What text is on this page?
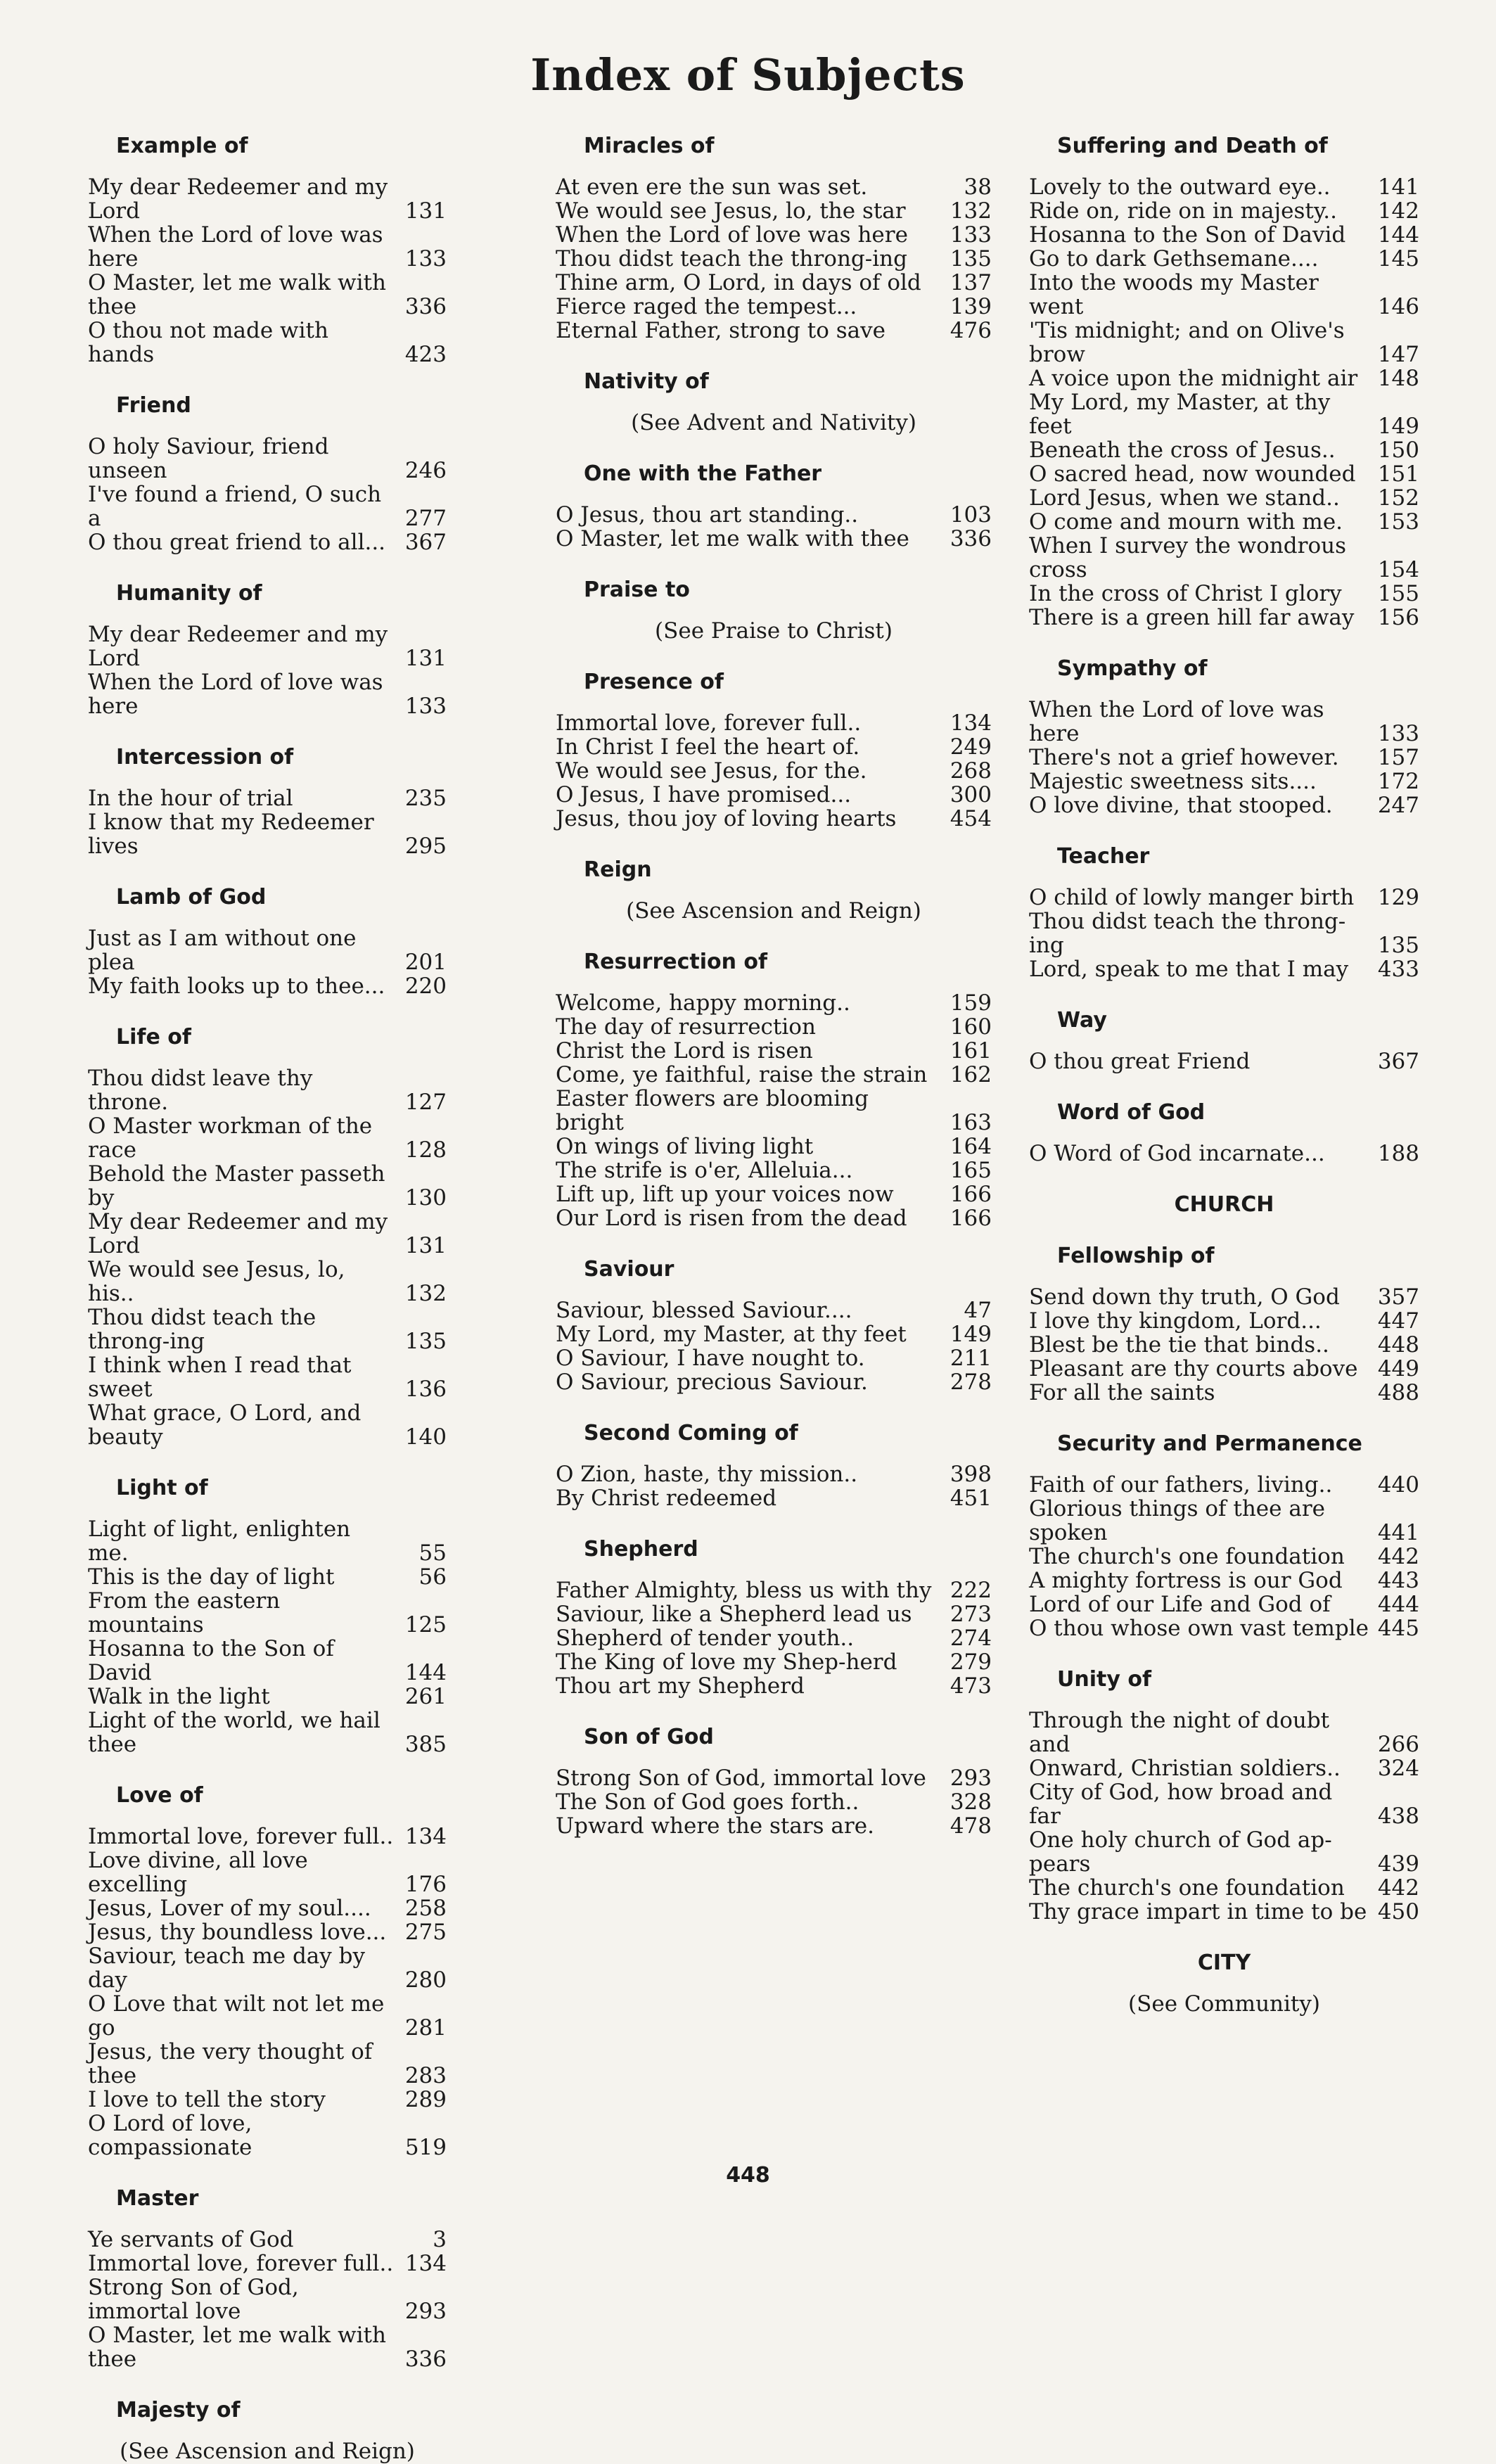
Index of Subjects
Example of
My dear Redeemer and my Lord	131
When the Lord of love was here	133
O Master, let me walk with thee	336
O thou not made with hands	423
Friend
O holy Saviour, friend unseen	246
I've found a friend, O such a	277
O thou great friend to all... 367
Humanity of
My dear Redeemer and my Lord	131
When the Lord of love was here	133
Intercession of
In the hour of trial	235
I know that my Redeemer lives	295
Lamb of God
Just as I am without one plea	201
My faith looks up to thee... 220
Life of
Thou didst leave thy throne.	127
O Master workman of the race	128
Behold the Master passeth by	130
My dear Redeemer and my Lord	131
We would see Jesus, lo, his..	132
Thou didst teach the throng-ing	135
I think when I read that sweet	136
What grace, O Lord, and beauty	140
Light of
Light of light, enlighten me.	55
This is the day of light	56
From the eastern mountains	125
Hosanna to the Son of David	144
Walk in the light	261
Light of the world, we hail thee	385
Love of
Immortal love, forever full.. 134
Love divine, all love excelling	176
Jesus, Lover of my soul....	258
Jesus, thy boundless love... 275
Saviour, teach me day by day	280
O Love that wilt not let me go	281
Jesus, the very thought of thee	283
I love to tell the story	289
O Lord of love, compassionate	519
Master
Ye servants of God	3
Immortal love, forever full.. 134
Strong Son of God, immortal love	293
O Master, let me walk with thee	336
Majesty of
(See Ascension and Reign)
Miracles of
At even ere the sun was set.	38
We would see Jesus, lo, the star	132
When the Lord of love was here	133
Thou didst teach the throng-ing	135
Thine arm, O Lord, in days of old	137
Fierce raged the tempest...	139
Eternal Father, strong to save	476
Nativity of
(See Advent and Nativity)
One with the Father
O Jesus, thou art standing..	103
O Master, let me walk with thee	336
Praise to
(See Praise to Christ)
Presence of
Immortal love, forever full..	134
In Christ I feel the heart of.	249
We would see Jesus, for the.	268
O Jesus, I have promised...	300
Jesus, thou joy of loving hearts	454
Reign
(See Ascension and Reign)
Resurrection of
Welcome, happy morning..	159
The day of resurrection	160
Christ the Lord is risen	161
Come, ye faithful, raise the strain	162
Easter flowers are blooming bright	163
On wings of living light	164
The strife is o'er, Alleluia...	165
Lift up, lift up your voices now	166
Our Lord is risen from the dead	166
Saviour
Saviour, blessed Saviour....	47
My Lord, my Master, at thy feet	149
O Saviour, I have nought to.	211
O Saviour, precious Saviour.	278
Second Coming of
O Zion, haste, thy mission..	398
By Christ redeemed	451
Shepherd
Father Almighty, bless us with thy 222
Saviour, like a Shepherd lead us	273
Shepherd of tender youth..	274
The King of love my Shep-herd	279
Thou art my Shepherd	473
Son of God
Strong Son of God, immortal love	293
The Son of God goes forth..	328
Upward where the stars are.	478
Suffering and Death of
Lovely to the outward eye..	141
Ride on, ride on in majesty..	142
Hosanna to the Son of David	144
Go to dark Gethsemane....	145
Into the woods my Master went	146
'Tis midnight; and on Olive's brow	147
A voice upon the midnight air 148
My Lord, my Master, at thy feet	149
Beneath the cross of Jesus..	150
O sacred head, now wounded	151
Lord Jesus, when we stand..	152
O come and mourn with me.	153
When I survey the wondrous cross	154
In the cross of Christ I glory	155
There is a green hill far away	156
Sympathy of
When the Lord of love was here	133
There's not a grief however.	157
Majestic sweetness sits....	172
O love divine, that stooped.	247
Teacher
O child of lowly manger birth	129
Thou didst teach the throng-ing	135
Lord, speak to me that I may	433
Way
O thou great Friend	367
Word of God
O Word of God incarnate...	188
CHURCH
Fellowship of
Send down thy truth, O God	357
I love thy kingdom, Lord...	447
Blest be the tie that binds..	448
Pleasant are thy courts above 449
For all the saints	488
Security and Permanence
Faith of our fathers, living..	440
Glorious things of thee are spoken	441
The church's one foundation	442
A mighty fortress is our God	443
Lord of our Life and God of	444
O thou whose own vast temple 445
Unity of
Through the night of doubt and	266
Onward, Christian soldiers..	324
City of God, how broad and far	438
One holy church of God ap-pears	439
The church's one foundation	442
Thy grace impart in time to be 450
CITY
(See Community)
448
